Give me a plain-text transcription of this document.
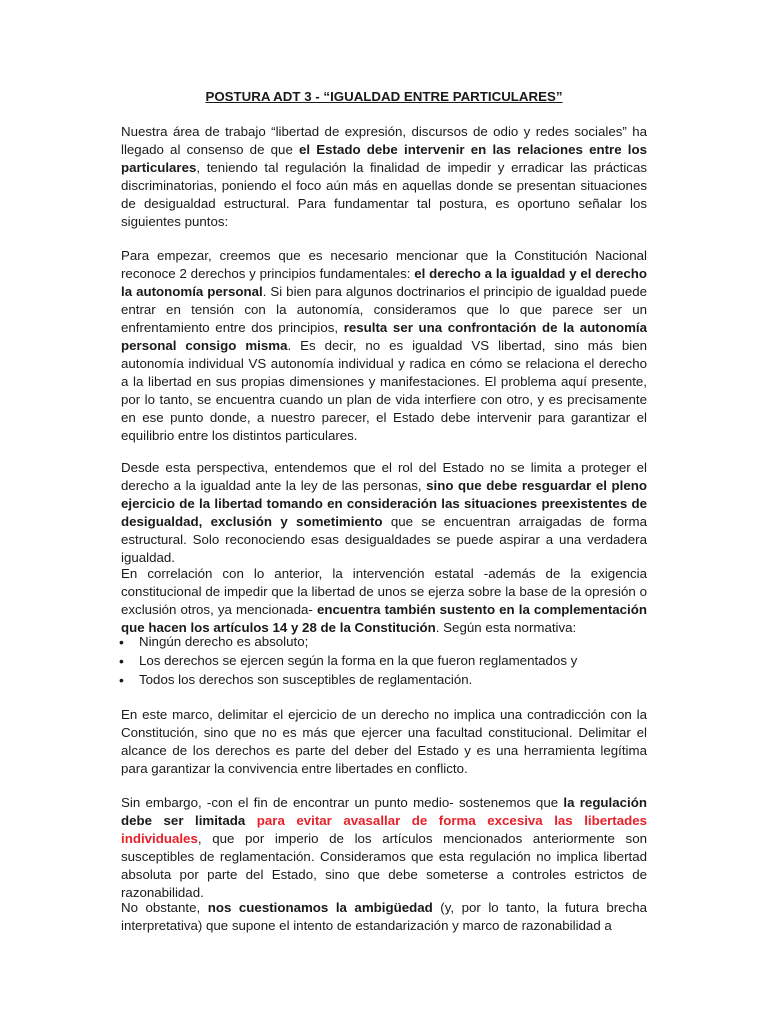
POSTURA ADT 3 - “IGUALDAD ENTRE PARTICULARES”

Nuestra área de trabajo “libertad de expresión, discursos de odio y redes sociales” ha llegado al consenso de que el Estado debe intervenir en las relaciones entre los particulares, teniendo tal regulación la finalidad de impedir y erradicar las prácticas discriminatorias, poniendo el foco aún más en aquellas donde se presentan situaciones de desigualdad estructural. Para fundamentar tal postura, es oportuno señalar los siguientes puntos:

Para empezar, creemos que es necesario mencionar que la Constitución Nacional reconoce 2 derechos y principios fundamentales: el derecho a la igualdad y el derecho la autonomía personal. Si bien para algunos doctrinarios el principio de igualdad puede entrar en tensión con la autonomía, consideramos que lo que parece ser un enfrentamiento entre dos principios, resulta ser una confrontación de la autonomía personal consigo misma. Es decir, no es igualdad VS libertad, sino más bien autonomía individual VS autonomía individual y radica en cómo se relaciona el derecho a la libertad en sus propias dimensiones y manifestaciones. El problema aquí presente, por lo tanto, se encuentra cuando un plan de vida interfiere con otro, y es precisamente en ese punto donde, a nuestro parecer, el Estado debe intervenir para garantizar el equilibrio entre los distintos particulares.

Desde esta perspectiva, entendemos que el rol del Estado no se limita a proteger el derecho a la igualdad ante la ley de las personas, sino que debe resguardar el pleno ejercicio de la libertad tomando en consideración las situaciones preexistentes de desigualdad, exclusión y sometimiento que se encuentran arraigadas de forma estructural. Solo reconociendo esas desigualdades se puede aspirar a una verdadera igualdad.

En correlación con lo anterior, la intervención estatal -además de la exigencia constitucional de impedir que la libertad de unos se ejerza sobre la base de la opresión o exclusión otros, ya mencionada- encuentra también sustento en la complementación que hacen los artículos 14 y 28 de la Constitución. Según esta normativa:

• Ningún derecho es absoluto;
• Los derechos se ejercen según la forma en la que fueron reglamentados y
• Todos los derechos son susceptibles de reglamentación.

En este marco, delimitar el ejercicio de un derecho no implica una contradicción con la Constitución, sino que no es más que ejercer una facultad constitucional. Delimitar el alcance de los derechos es parte del deber del Estado y es una herramienta legítima para garantizar la convivencia entre libertades en conflicto.

Sin embargo, -con el fin de encontrar un punto medio- sostenemos que la regulación debe ser limitada para evitar avasallar de forma excesiva las libertades individuales, que por imperio de los artículos mencionados anteriormente son susceptibles de reglamentación. Consideramos que esta regulación no implica libertad absoluta por parte del Estado, sino que debe someterse a controles estrictos de razonabilidad.

No obstante, nos cuestionamos la ambigüedad (y, por lo tanto, la futura brecha interpretativa) que supone el intento de estandarización y marco de razonabilidad a
